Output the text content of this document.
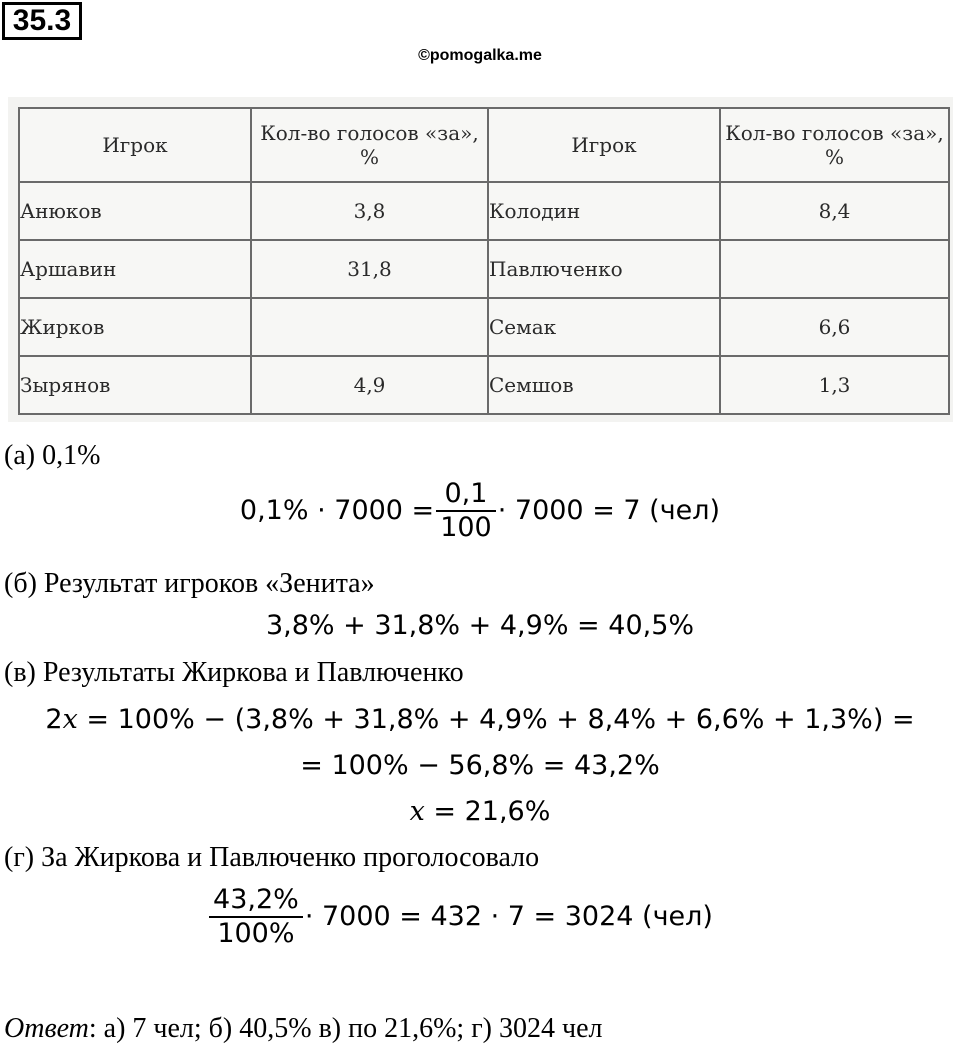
35.3
©pomogalka.me
Игрок	Кол-во голосов «за», %	Игрок	Кол-во голосов «за», %
Анюков	3,8	Колодин	8,4
Аршавин	31,8	Павлюченко	
Жирков		Семак	6,6
Зырянов	4,9	Семшов	1,3
(а) 0,1%
$0,1\% \cdot 7000 = \frac{0,1}{100} \cdot 7000 = 7$ (чел)
(б) Результат игроков «Зенита»
3,8% + 31,8% + 4,9% = 40,5%
(в) Результаты Жиркова и Павлюченко
2x = 100% − (3,8% + 31,8% + 4,9% + 8,4% + 6,6% + 1,3%) =
= 100% − 56,8% = 43,2%
x = 21,6%
(г) За Жиркова и Павлюченко проголосовало
$\frac{43,2\%}{100\%} \cdot 7000 = 432 \cdot 7 = 3024$ (чел)
Ответ: а) 7 чел; б) 40,5% в) по 21,6%; г) 3024 чел
